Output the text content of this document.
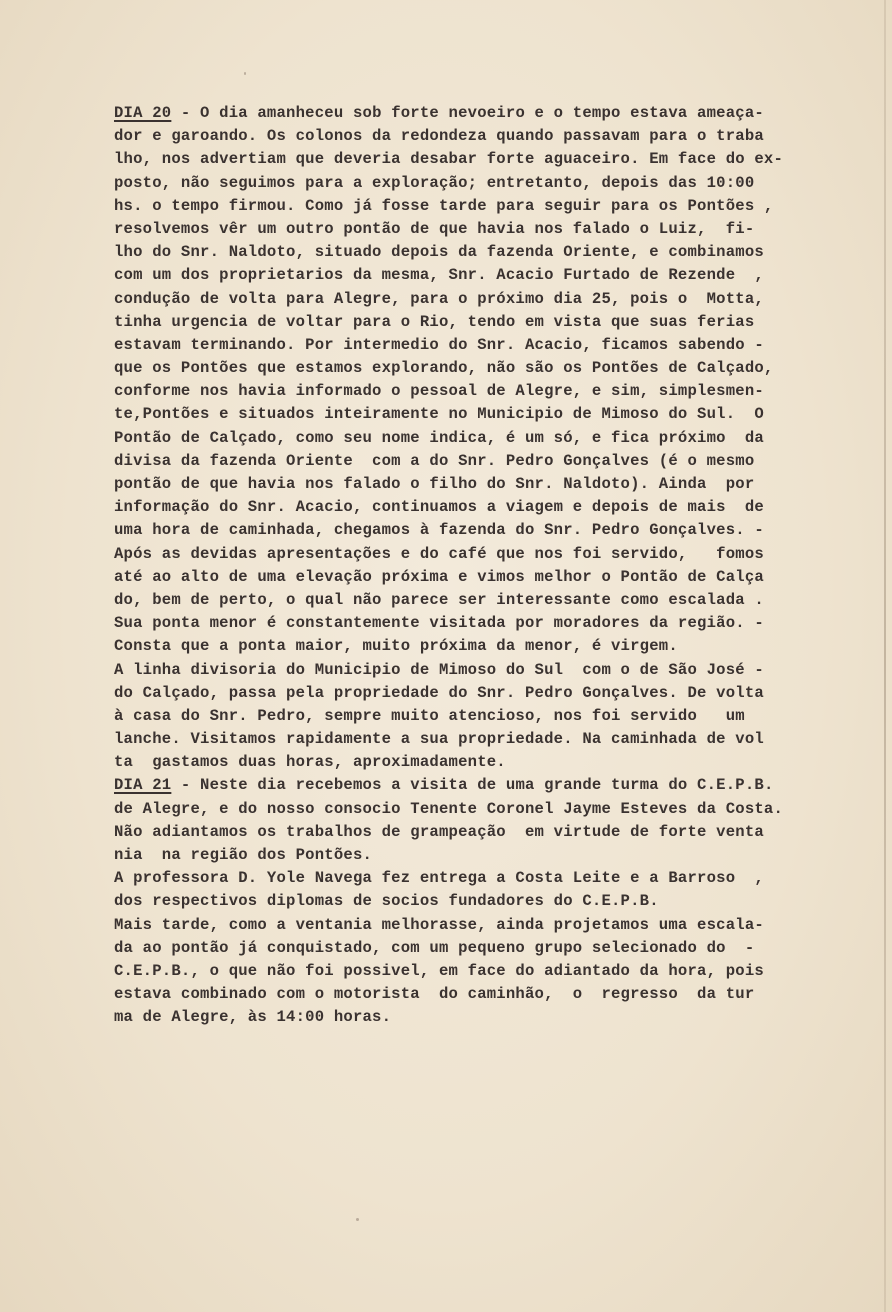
DIA 20 - O dia amanheceu sob forte nevoeiro e o tempo estava ameaça-
dor e garoando. Os colonos da redondeza quando passavam para o traba
lho, nos advertiam que deveria desabar forte aguaceiro. Em face do ex-
posto, não seguimos para a exploração; entretanto, depois das 10:00
hs. o tempo firmou. Como já fosse tarde para seguir para os Pontões ,
resolvemos vêr um outro pontão de que havia nos falado o Luiz,  fi-
lho do Snr. Naldoto, situado depois da fazenda Oriente, e combinamos
com um dos proprietarios da mesma, Snr. Acacio Furtado de Rezende  ,
condução de volta para Alegre, para o próximo dia 25, pois o  Motta,
tinha urgencia de voltar para o Rio, tendo em vista que suas ferias
estavam terminando. Por intermedio do Snr. Acacio, ficamos sabendo -
que os Pontões que estamos explorando, não são os Pontões de Calçado,
conforme nos havia informado o pessoal de Alegre, e sim, simplesmen-
te,Pontões e situados inteiramente no Municipio de Mimoso do Sul.  O
Pontão de Calçado, como seu nome indica, é um só, e fica próximo  da
divisa da fazenda Oriente  com a do Snr. Pedro Gonçalves (é o mesmo
pontão de que havia nos falado o filho do Snr. Naldoto). Ainda  por
informação do Snr. Acacio, continuamos a viagem e depois de mais  de
uma hora de caminhada, chegamos à fazenda do Snr. Pedro Gonçalves. -
Após as devidas apresentações e do café que nos foi servido,   fomos
até ao alto de uma elevação próxima e vimos melhor o Pontão de Calça
do, bem de perto, o qual não parece ser interessante como escalada .
Sua ponta menor é constantemente visitada por moradores da região. -
Consta que a ponta maior, muito próxima da menor, é virgem.
A linha divisoria do Municipio de Mimoso do Sul  com o de São José -
do Calçado, passa pela propriedade do Snr. Pedro Gonçalves. De volta
à casa do Snr. Pedro, sempre muito atencioso, nos foi servido   um
lanche. Visitamos rapidamente a sua propriedade. Na caminhada de vol
ta  gastamos duas horas, aproximadamente.
DIA 21 - Neste dia recebemos a visita de uma grande turma do C.E.P.B.
de Alegre, e do nosso consocio Tenente Coronel Jayme Esteves da Costa.
Não adiantamos os trabalhos de grampeação  em virtude de forte venta
nia  na região dos Pontões.
A professora D. Yole Navega fez entrega a Costa Leite e a Barroso  ,
dos respectivos diplomas de socios fundadores do C.E.P.B.
Mais tarde, como a ventania melhorasse, ainda projetamos uma escala-
da ao pontão já conquistado, com um pequeno grupo selecionado do  -
C.E.P.B., o que não foi possivel, em face do adiantado da hora, pois
estava combinado com o motorista  do caminhão,  o  regresso  da tur
ma de Alegre, às 14:00 horas.
